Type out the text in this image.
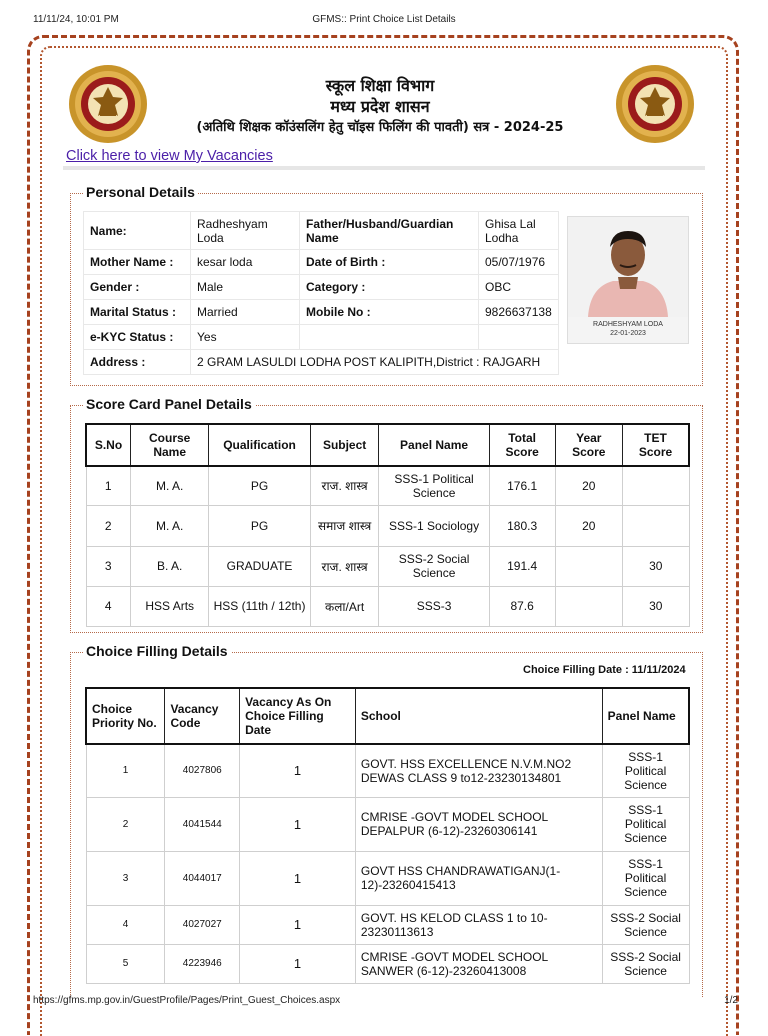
11/11/24, 10:01 PM	GFMS:: Print Choice List Details
स्कूल शिक्षा विभाग
मध्य प्रदेश शासन
(अतिथि शिक्षक कॉउंसलिंग हेतु चॉइस फिलिंग की पावती) सत्र - 2024-25
Click here to view My Vacancies
Personal Details
Name:	Radheshyam Loda	Father/Husband/Guardian Name	Ghisa Lal Lodha
Mother Name :	kesar loda	Date of Birth :	05/07/1976
Gender :	Male	Category :	OBC
Marital Status :	Married	Mobile No :	9826637138
e-KYC Status :	Yes		
Address :	2 GRAM LASULDI LODHA POST KALIPITH,District : RAJGARH		
RADHESHYAM LODA
22-01-2023
Score Card Panel Details
S.No	Course Name	Qualification	Subject	Panel Name	Total Score	Year Score	TET Score
1	M. A.	PG	राज. शास्त्र	SSS-1 Political Science	176.1	20	
2	M. A.	PG	समाज शास्त्र	SSS-1 Sociology	180.3	20	
3	B. A.	GRADUATE	राज. शास्त्र	SSS-2 Social Science	191.4		30
4	HSS Arts	HSS (11th / 12th)	कला/Art	SSS-3	87.6		30
Choice Filling Details
Choice Filling Date : 11/11/2024
Choice Priority No.	Vacancy Code	Vacancy As On Choice Filling Date	School	Panel Name
1	4027806	1	GOVT. HSS EXCELLENCE N.V.M.NO2 DEWAS CLASS 9 to12-23230134801	SSS-1 Political Science
2	4041544	1	CMRISE -GOVT MODEL SCHOOL DEPALPUR (6-12)-23260306141	SSS-1 Political Science
3	4044017	1	GOVT HSS CHANDRAWATIGANJ(1-12)-23260415413	SSS-1 Political Science
4	4027027	1	GOVT. HS KELOD CLASS 1 to 10-23230113613	SSS-2 Social Science
5	4223946	1	CMRISE -GOVT MODEL SCHOOL SANWER (6-12)-23260413008	SSS-2 Social Science
https://gfms.mp.gov.in/GuestProfile/Pages/Print_Guest_Choices.aspx	1/2
